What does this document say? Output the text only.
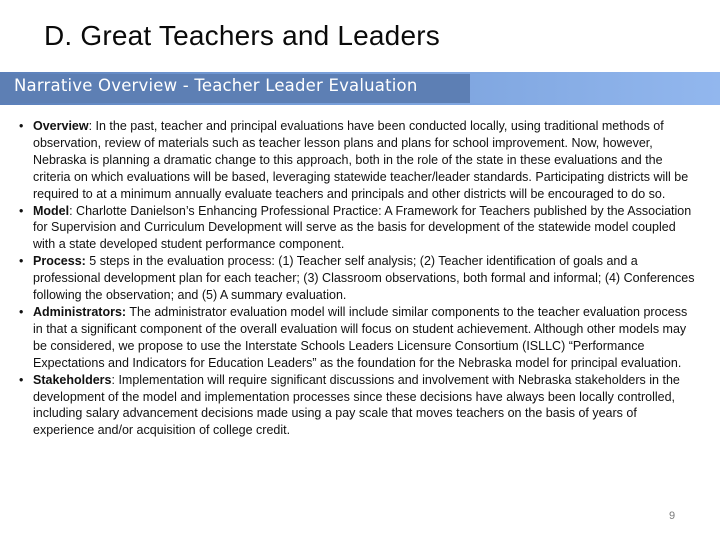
D. Great Teachers and Leaders
Narrative Overview - Teacher Leader Evaluation
• Overview: In the past, teacher and principal evaluations have been conducted locally, using traditional methods of observation, review of materials such as teacher lesson plans and plans for school improvement. Now, however, Nebraska is planning a dramatic change to this approach, both in the role of the state in these evaluations and the criteria on which evaluations will be based, leveraging statewide teacher/leader standards. Participating districts will be required to at a minimum annually evaluate teachers and principals and other districts will be encouraged to do so.
• Model: Charlotte Danielson’s Enhancing Professional Practice: A Framework for Teachers published by the Association for Supervision and Curriculum Development will serve as the basis for development of the statewide model coupled with a state developed student performance component.
• Process: 5 steps in the evaluation process: (1) Teacher self analysis; (2) Teacher identification of goals and a professional development plan for each teacher; (3) Classroom observations, both formal and informal; (4) Conferences following the observation; and (5) A summary evaluation.
• Administrators: The administrator evaluation model will include similar components to the teacher evaluation process in that a significant component of the overall evaluation will focus on student achievement. Although other models may be considered, we propose to use the Interstate Schools Leaders Licensure Consortium (ISLLC) “Performance Expectations and Indicators for Education Leaders” as the foundation for the Nebraska model for principal evaluation.
• Stakeholders: Implementation will require significant discussions and involvement with Nebraska stakeholders in the development of the model and implementation processes since these decisions have always been locally controlled, including salary advancement decisions made using a pay scale that moves teachers on the basis of years of experience and/or acquisition of college credit.
9
